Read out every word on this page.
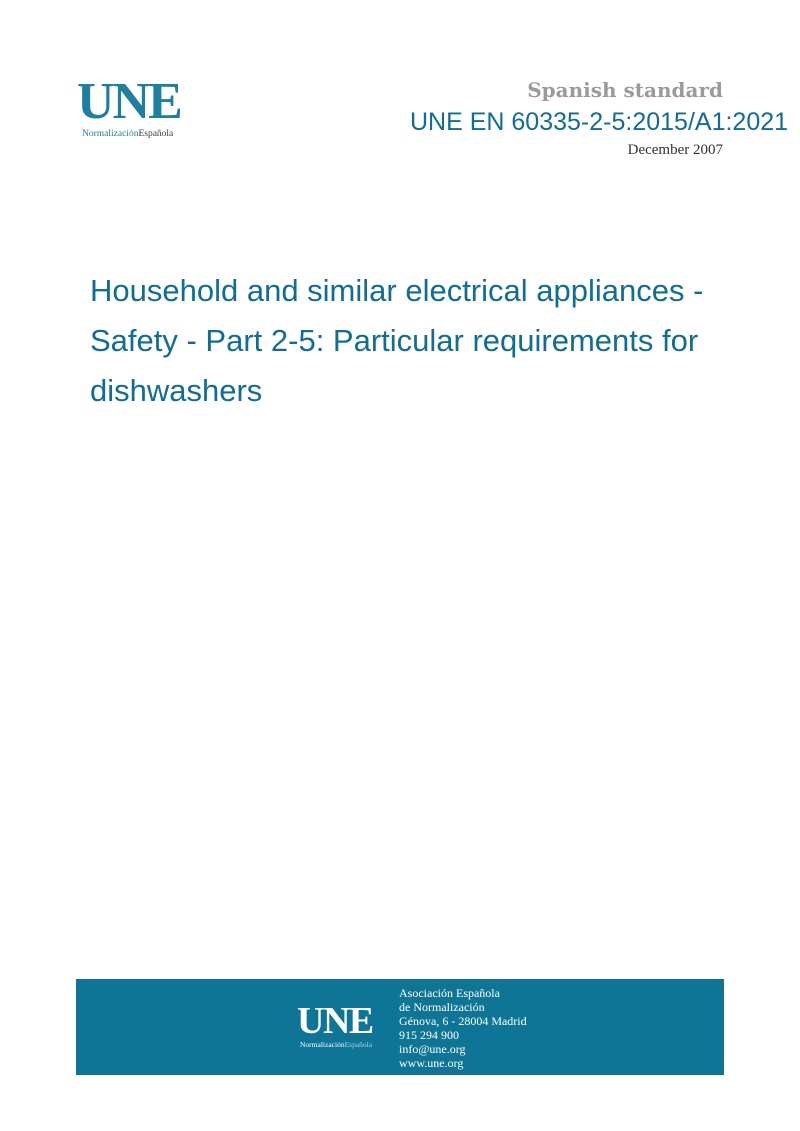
UNE
NormalizaciónEspañola
Spanish standard
UNE EN 60335-2-5:2015/A1:2021
December 2007
Household and similar electrical appliances - Safety - Part 2-5: Particular requirements for dishwashers
UNE
NormalizaciónEspañola
Asociación Española
de Normalización
Génova, 6 - 28004 Madrid
915 294 900
info@une.org
www.une.org
